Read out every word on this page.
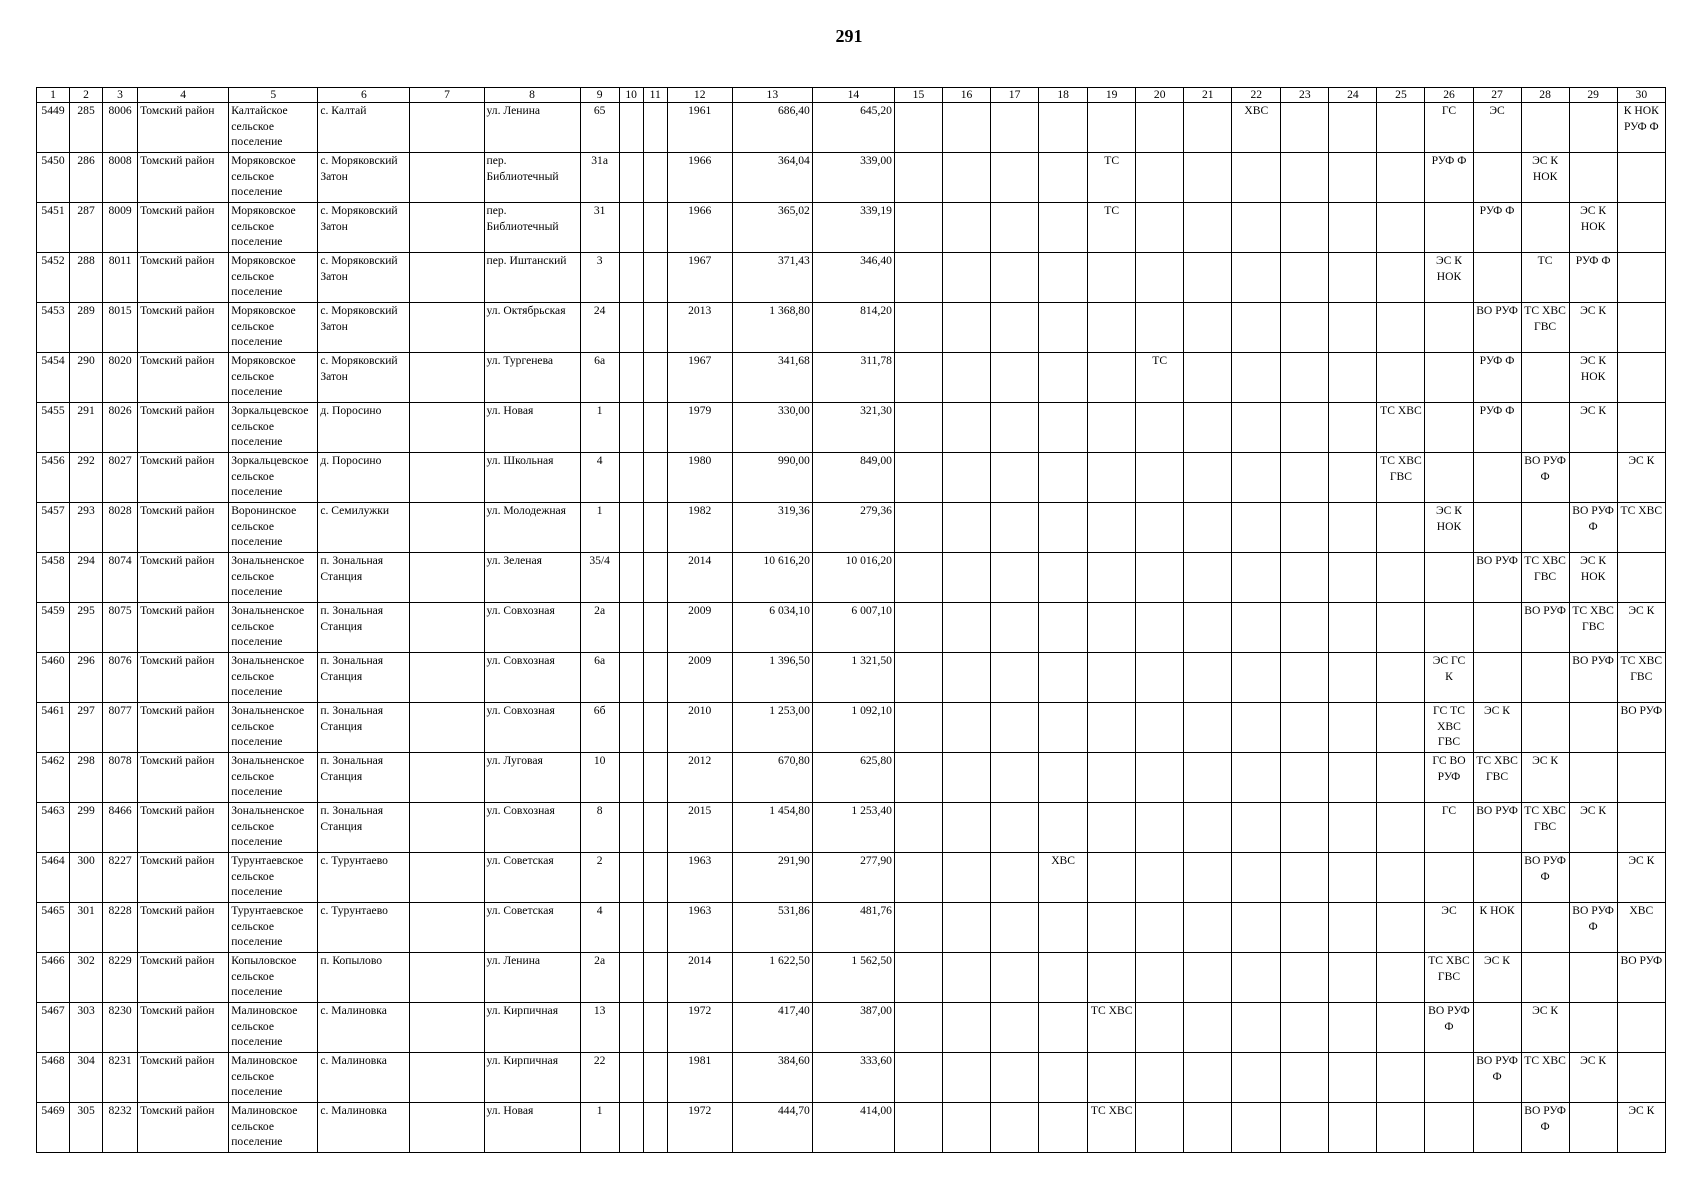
291
1	2	3	4	5	6	7	8	9	10	11	12	13	14	15	16	17	18	19	20	21	22	23	24	25	26	27	28	29	30
5449	285	8006	Томский район	Калтайское сельское поселение	с. Калтай		ул. Ленина	65			1961	686,40	645,20								ХВС				ГС	ЭС			К НОК РУФ Ф
5450	286	8008	Томский район	Моряковское сельское поселение	с. Моряковский Затон		пер. Библиотечный	31а			1966	364,04	339,00					ТС							РУФ Ф		ЭС К НОК		
5451	287	8009	Томский район	Моряковское сельское поселение	с. Моряковский Затон		пер. Библиотечный	31			1966	365,02	339,19					ТС								РУФ Ф		ЭС К НОК	
5452	288	8011	Томский район	Моряковское сельское поселение	с. Моряковский Затон		пер. Иштанский	3			1967	371,43	346,40												ЭС К НОК		ТС	РУФ Ф	
5453	289	8015	Томский район	Моряковское сельское поселение	с. Моряковский Затон		ул. Октябрьская	24			2013	1 368,80	814,20													ВО РУФ	ТС ХВС ГВС	ЭС К	
5454	290	8020	Томский район	Моряковское сельское поселение	с. Моряковский Затон		ул. Тургенева	6а			1967	341,68	311,78						ТС							РУФ Ф		ЭС К НОК	
5455	291	8026	Томский район	Зоркальцевское сельское поселение	д. Поросино		ул. Новая	1			1979	330,00	321,30											ТС ХВС		РУФ Ф		ЭС К	
5456	292	8027	Томский район	Зоркальцевское сельское поселение	д. Поросино		ул. Школьная	4			1980	990,00	849,00											ТС ХВС ГВС			ВО РУФ Ф		ЭС К
5457	293	8028	Томский район	Воронинское сельское поселение	с. Семилужки		ул. Молодежная	1			1982	319,36	279,36												ЭС К НОК			ВО РУФ Ф	ТС ХВС
5458	294	8074	Томский район	Зональненское сельское поселение	п. Зональная Станция		ул. Зеленая	35/4			2014	10 616,20	10 016,20													ВО РУФ	ТС ХВС ГВС	ЭС К НОК	
5459	295	8075	Томский район	Зональненское сельское поселение	п. Зональная Станция		ул. Совхозная	2а			2009	6 034,10	6 007,10														ВО РУФ	ТС ХВС ГВС	ЭС К
5460	296	8076	Томский район	Зональненское сельское поселение	п. Зональная Станция		ул. Совхозная	6а			2009	1 396,50	1 321,50												ЭС ГС К			ВО РУФ	ТС ХВС ГВС
5461	297	8077	Томский район	Зональненское сельское поселение	п. Зональная Станция		ул. Совхозная	6б			2010	1 253,00	1 092,10												ГС ТС ХВС ГВС	ЭС К			ВО РУФ
5462	298	8078	Томский район	Зональненское сельское поселение	п. Зональная Станция		ул. Луговая	10			2012	670,80	625,80												ГС ВО РУФ	ТС ХВС ГВС	ЭС К		
5463	299	8466	Томский район	Зональненское сельское поселение	п. Зональная Станция		ул. Совхозная	8			2015	1 454,80	1 253,40												ГС	ВО РУФ	ТС ХВС ГВС	ЭС К	
5464	300	8227	Томский район	Турунтаевское сельское поселение	с. Турунтаево		ул. Советская	2			1963	291,90	277,90				ХВС										ВО РУФ Ф		ЭС К
5465	301	8228	Томский район	Турунтаевское сельское поселение	с. Турунтаево		ул. Советская	4			1963	531,86	481,76												ЭС	К НОК		ВО РУФ Ф	ХВС
5466	302	8229	Томский район	Копыловское сельское поселение	п. Копылово		ул. Ленина	2а			2014	1 622,50	1 562,50												ТС ХВС ГВС	ЭС К			ВО РУФ
5467	303	8230	Томский район	Малиновское сельское поселение	с. Малиновка		ул. Кирпичная	13			1972	417,40	387,00					ТС ХВС							ВО РУФ Ф		ЭС К		
5468	304	8231	Томский район	Малиновское сельское поселение	с. Малиновка		ул. Кирпичная	22			1981	384,60	333,60													ВО РУФ Ф	ТС ХВС	ЭС К	
5469	305	8232	Томский район	Малиновское сельское поселение	с. Малиновка		ул. Новая	1			1972	444,70	414,00					ТС ХВС									ВО РУФ Ф		ЭС К
